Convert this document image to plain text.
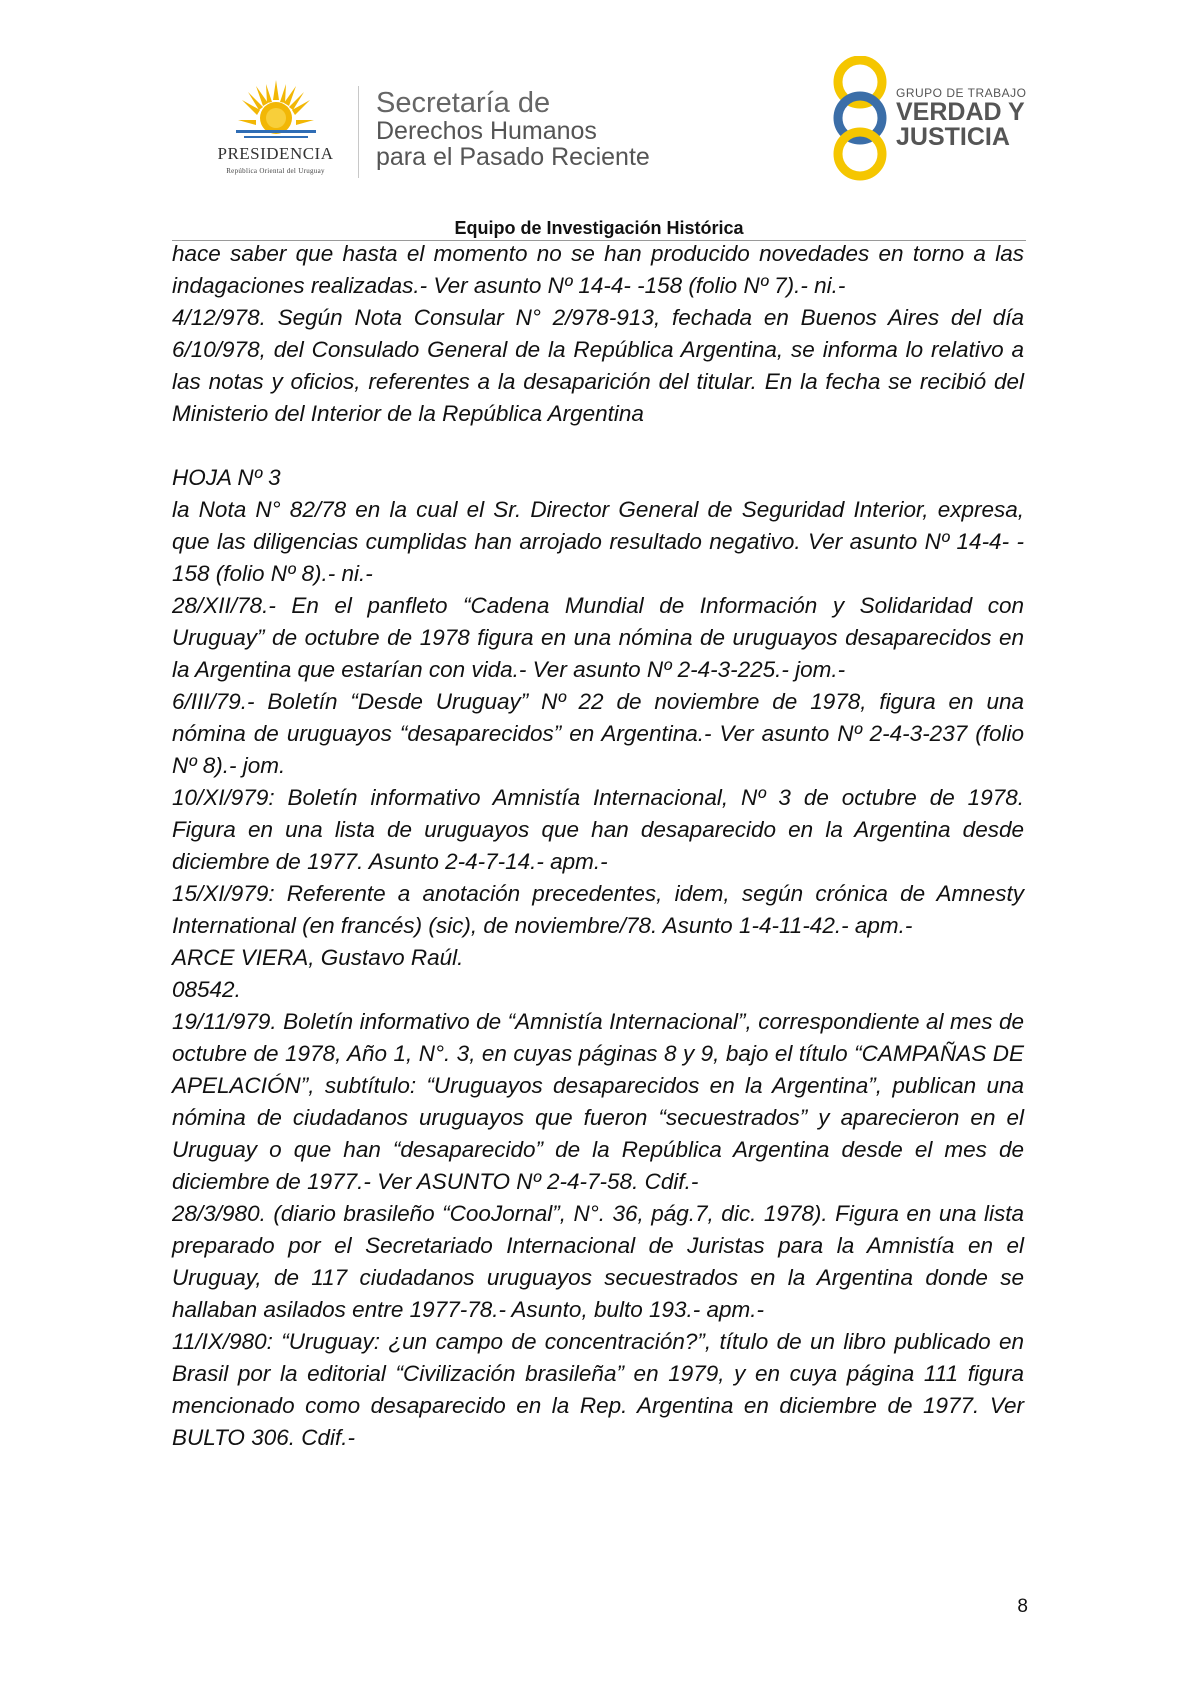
PRESIDENCIA
República Oriental del Uruguay
Secretaría de
Derechos Humanos
para el Pasado Reciente
GRUPO DE TRABAJO
VERDAD Y
JUSTICIA
Equipo de Investigación Histórica

hace saber que hasta el momento no se han producido novedades en torno a las indagaciones realizadas.- Ver asunto Nº 14-4- -158 (folio Nº 7).- ni.-

4/12/978. Según Nota Consular N° 2/978-913, fechada en Buenos Aires del día 6/10/978, del Consulado General de la República Argentina, se informa lo relativo a las notas y oficios, referentes a la desaparición del titular. En la fecha se recibió del Ministerio del Interior de la República Argentina

HOJA Nº 3

la Nota N° 82/78 en la cual el Sr. Director General de Seguridad Interior, expresa, que las diligencias cumplidas han arrojado resultado negativo. Ver asunto Nº 14-4- - 158 (folio Nº 8).- ni.-

28/XII/78.- En el panfleto “Cadena Mundial de Información y Solidaridad con Uruguay” de octubre de 1978 figura en una nómina de uruguayos desaparecidos en la Argentina que estarían con vida.- Ver asunto Nº 2-4-3-225.- jom.-

6/III/79.- Boletín “Desde Uruguay” Nº 22 de noviembre de 1978, figura en una nómina de uruguayos “desaparecidos” en Argentina.- Ver asunto Nº 2-4-3-237 (folio Nº 8).- jom.

10/XI/979: Boletín informativo Amnistía Internacional, Nº 3 de octubre de 1978. Figura en una lista de uruguayos que han desaparecido en la Argentina desde diciembre de 1977. Asunto 2-4-7-14.- apm.-

15/XI/979: Referente a anotación precedentes, idem, según crónica de Amnesty International (en francés) (sic), de noviembre/78. Asunto 1-4-11-42.- apm.-

ARCE VIERA, Gustavo Raúl.

08542.

19/11/979. Boletín informativo de “Amnistía Internacional”, correspondiente al mes de octubre de 1978, Año 1, N°. 3, en cuyas páginas 8 y 9, bajo el título “CAMPAÑAS DE APELACIÓN”, subtítulo: “Uruguayos desaparecidos en la Argentina”, publican una nómina de ciudadanos uruguayos que fueron “secuestrados” y aparecieron en el Uruguay o que han “desaparecido” de la República Argentina desde el mes de diciembre de 1977.- Ver ASUNTO Nº 2-4-7-58. Cdif.-

28/3/980. (diario brasileño “CooJornal”, N°. 36, pág.7, dic. 1978). Figura en una lista preparado por el Secretariado Internacional de Juristas para la Amnistía en el Uruguay, de 117 ciudadanos uruguayos secuestrados en la Argentina donde se hallaban asilados entre 1977-78.- Asunto, bulto 193.- apm.-

11/IX/980: “Uruguay: ¿un campo de concentración?”, título de un libro publicado en Brasil por la editorial “Civilización brasileña” en 1979, y en cuya página 111 figura mencionado como desaparecido en la Rep. Argentina en diciembre de 1977. Ver BULTO 306. Cdif.-

8
